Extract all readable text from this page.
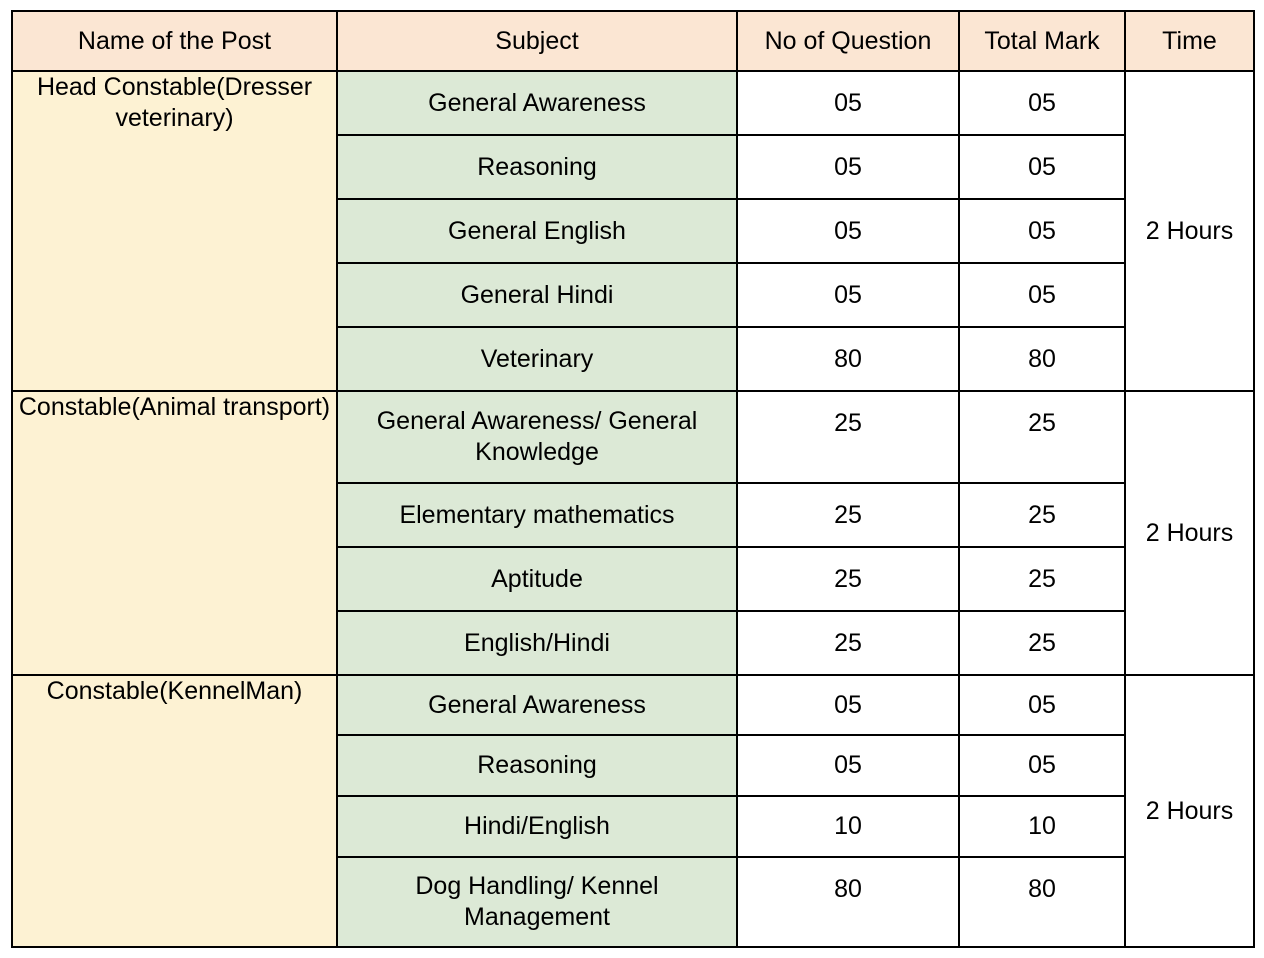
Name of the Post	Subject	No of Question	Total Mark	Time
Head Constable(Dresser veterinary)	General Awareness	05	05	2 Hours
	Reasoning	05	05	
	General English	05	05	
	General Hindi	05	05	
	Veterinary	80	80	
Constable(Animal transport)	General Awareness/ General Knowledge	25	25	2 Hours
	Elementary mathematics	25	25	
	Aptitude	25	25	
	English/Hindi	25	25	
Constable(KennelMan)	General Awareness	05	05	2 Hours
	Reasoning	05	05	
	Hindi/English	10	10	
	Dog Handling/ Kennel Management	80	80	
